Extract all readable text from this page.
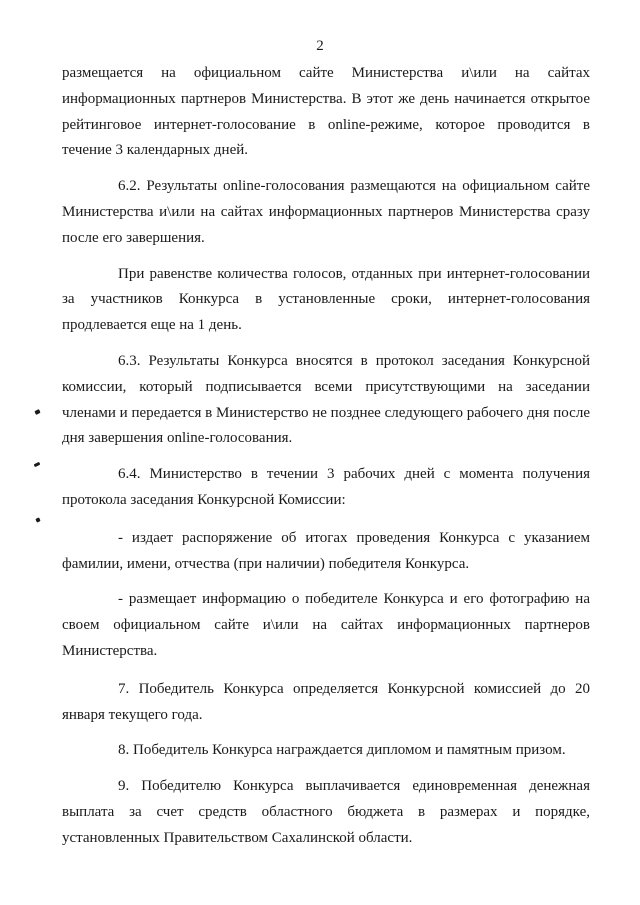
2

размещается на официальном сайте Министерства и\или на сайтах информационных партнеров Министерства. В этот же день начинается открытое рейтинговое интернет-голосование в online-режиме, которое проводится в течение 3 календарных дней.

6.2. Результаты online-голосования размещаются на официальном сайте Министерства и\или на сайтах информационных партнеров Министерства сразу после его завершения.

При равенстве количества голосов, отданных при интернет-голосовании за участников Конкурса в установленные сроки, интернет-голосования продлевается еще на 1 день.

6.3. Результаты Конкурса вносятся в протокол заседания Конкурсной комиссии, который подписывается всеми присутствующими на заседании членами и передается в Министерство не позднее следующего рабочего дня после дня завершения online-голосования.

6.4. Министерство в течении 3 рабочих дней с момента получения протокола заседания Конкурсной Комиссии:

- издает распоряжение об итогах проведения Конкурса с указанием фамилии, имени, отчества (при наличии) победителя Конкурса.

- размещает информацию о победителе Конкурса и его фотографию на своем официальном сайте и\или на сайтах информационных партнеров Министерства.

7. Победитель Конкурса определяется Конкурсной комиссией до 20 января текущего года.

8. Победитель Конкурса награждается дипломом и памятным призом.

9. Победителю Конкурса выплачивается единовременная денежная выплата за счет средств областного бюджета в размерах и порядке, установленных Правительством Сахалинской области.
